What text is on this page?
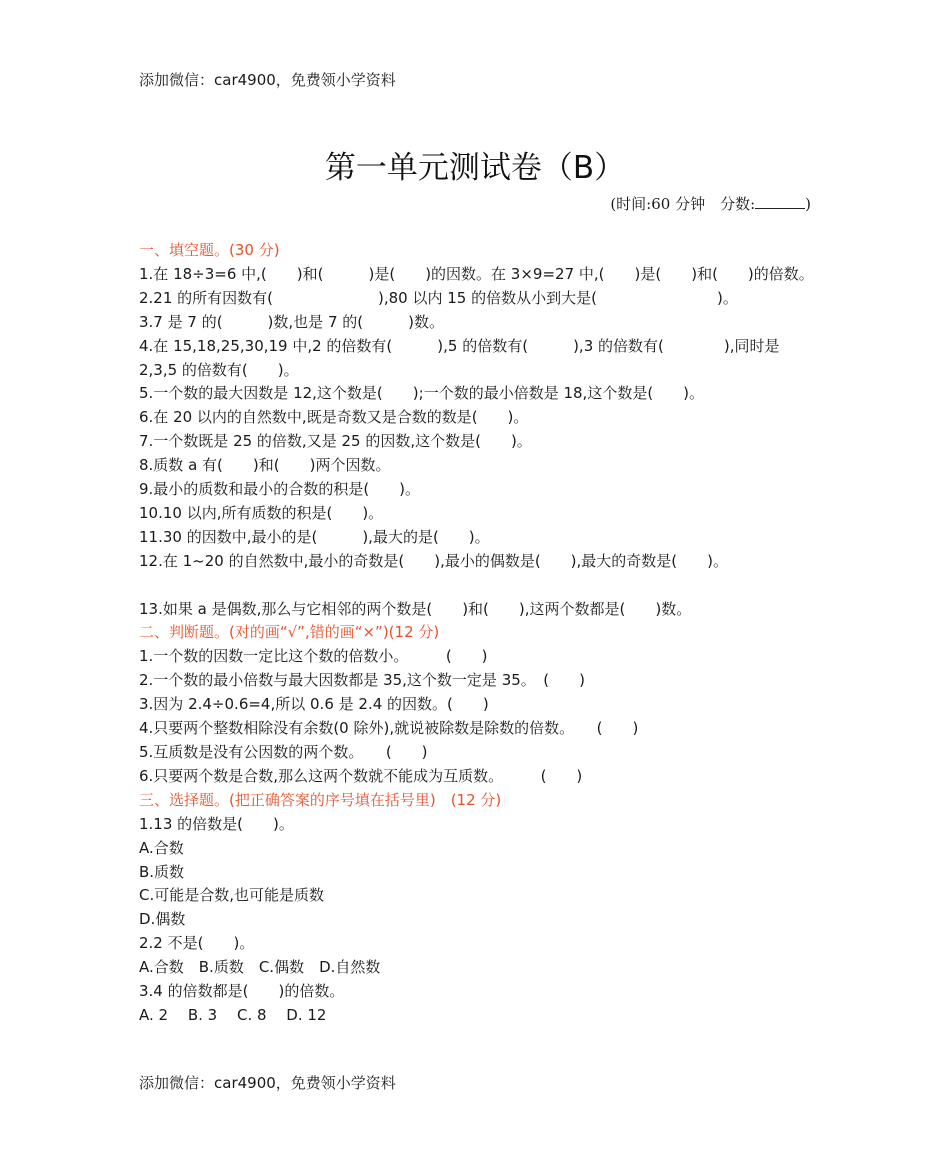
添加微信：car4900，免费领小学资料
第一单元测试卷（B）
(时间:60 分钟　分数:	)
一、填空题。(30 分)
1.在 18÷3=6 中,(　　)和(　　　)是(　　)的因数。在 3×9=27 中,(　　)是(　　)和(　　)的倍数。
2.21 的所有因数有(　　　　　　　),80 以内 15 的倍数从小到大是(　　　　　　　　)。
3.7 是 7 的(　　　)数,也是 7 的(　　　)数。
4.在 15,18,25,30,19 中,2 的倍数有(　　　),5 的倍数有(　　　),3 的倍数有(　　　　),同时是 2,3,5 的倍数有(　　)。
5.一个数的最大因数是 12,这个数是(　　);一个数的最小倍数是 18,这个数是(　　)。
6.在 20 以内的自然数中,既是奇数又是合数的数是(　　)。
7.一个数既是 25 的倍数,又是 25 的因数,这个数是(　　)。
8.质数 a 有(　　)和(　　)两个因数。
9.最小的质数和最小的合数的积是(　　)。
10.10 以内,所有质数的积是(　　)。
11.30 的因数中,最小的是(　　　),最大的是(　　)。
12.在 1~20 的自然数中,最小的奇数是(　　),最小的偶数是(　　),最大的奇数是(　　)。
13.如果 a 是偶数,那么与它相邻的两个数是(　　)和(　　),这两个数都是(　　)数。
二、判断题。(对的画“√”,错的画“×”)(12 分)
1.一个数的因数一定比这个数的倍数小。　　　(　　)
2.一个数的最小倍数与最大因数都是 35,这个数一定是 35。　(　　)
3.因为 2.4÷0.6=4,所以 0.6 是 2.4 的因数。(　　)
4.只要两个整数相除没有余数(0 除外),就说被除数是除数的倍数。　　(　　)
5.互质数是没有公因数的两个数。　　(　　)
6.只要两个数是合数,那么这两个数就不能成为互质数。　　　(　　)
三、选择题。(把正确答案的序号填在括号里)　(12 分)
1.13 的倍数是(　　)。
A.合数
B.质数
C.可能是合数,也可能是质数
D.偶数
2.2 不是(　　)。
A.合数　B.质数　C.偶数　D.自然数
3.4 的倍数都是(　　)的倍数。
A. 2　 B. 3　 C. 8　 D. 12
添加微信：car4900，免费领小学资料
